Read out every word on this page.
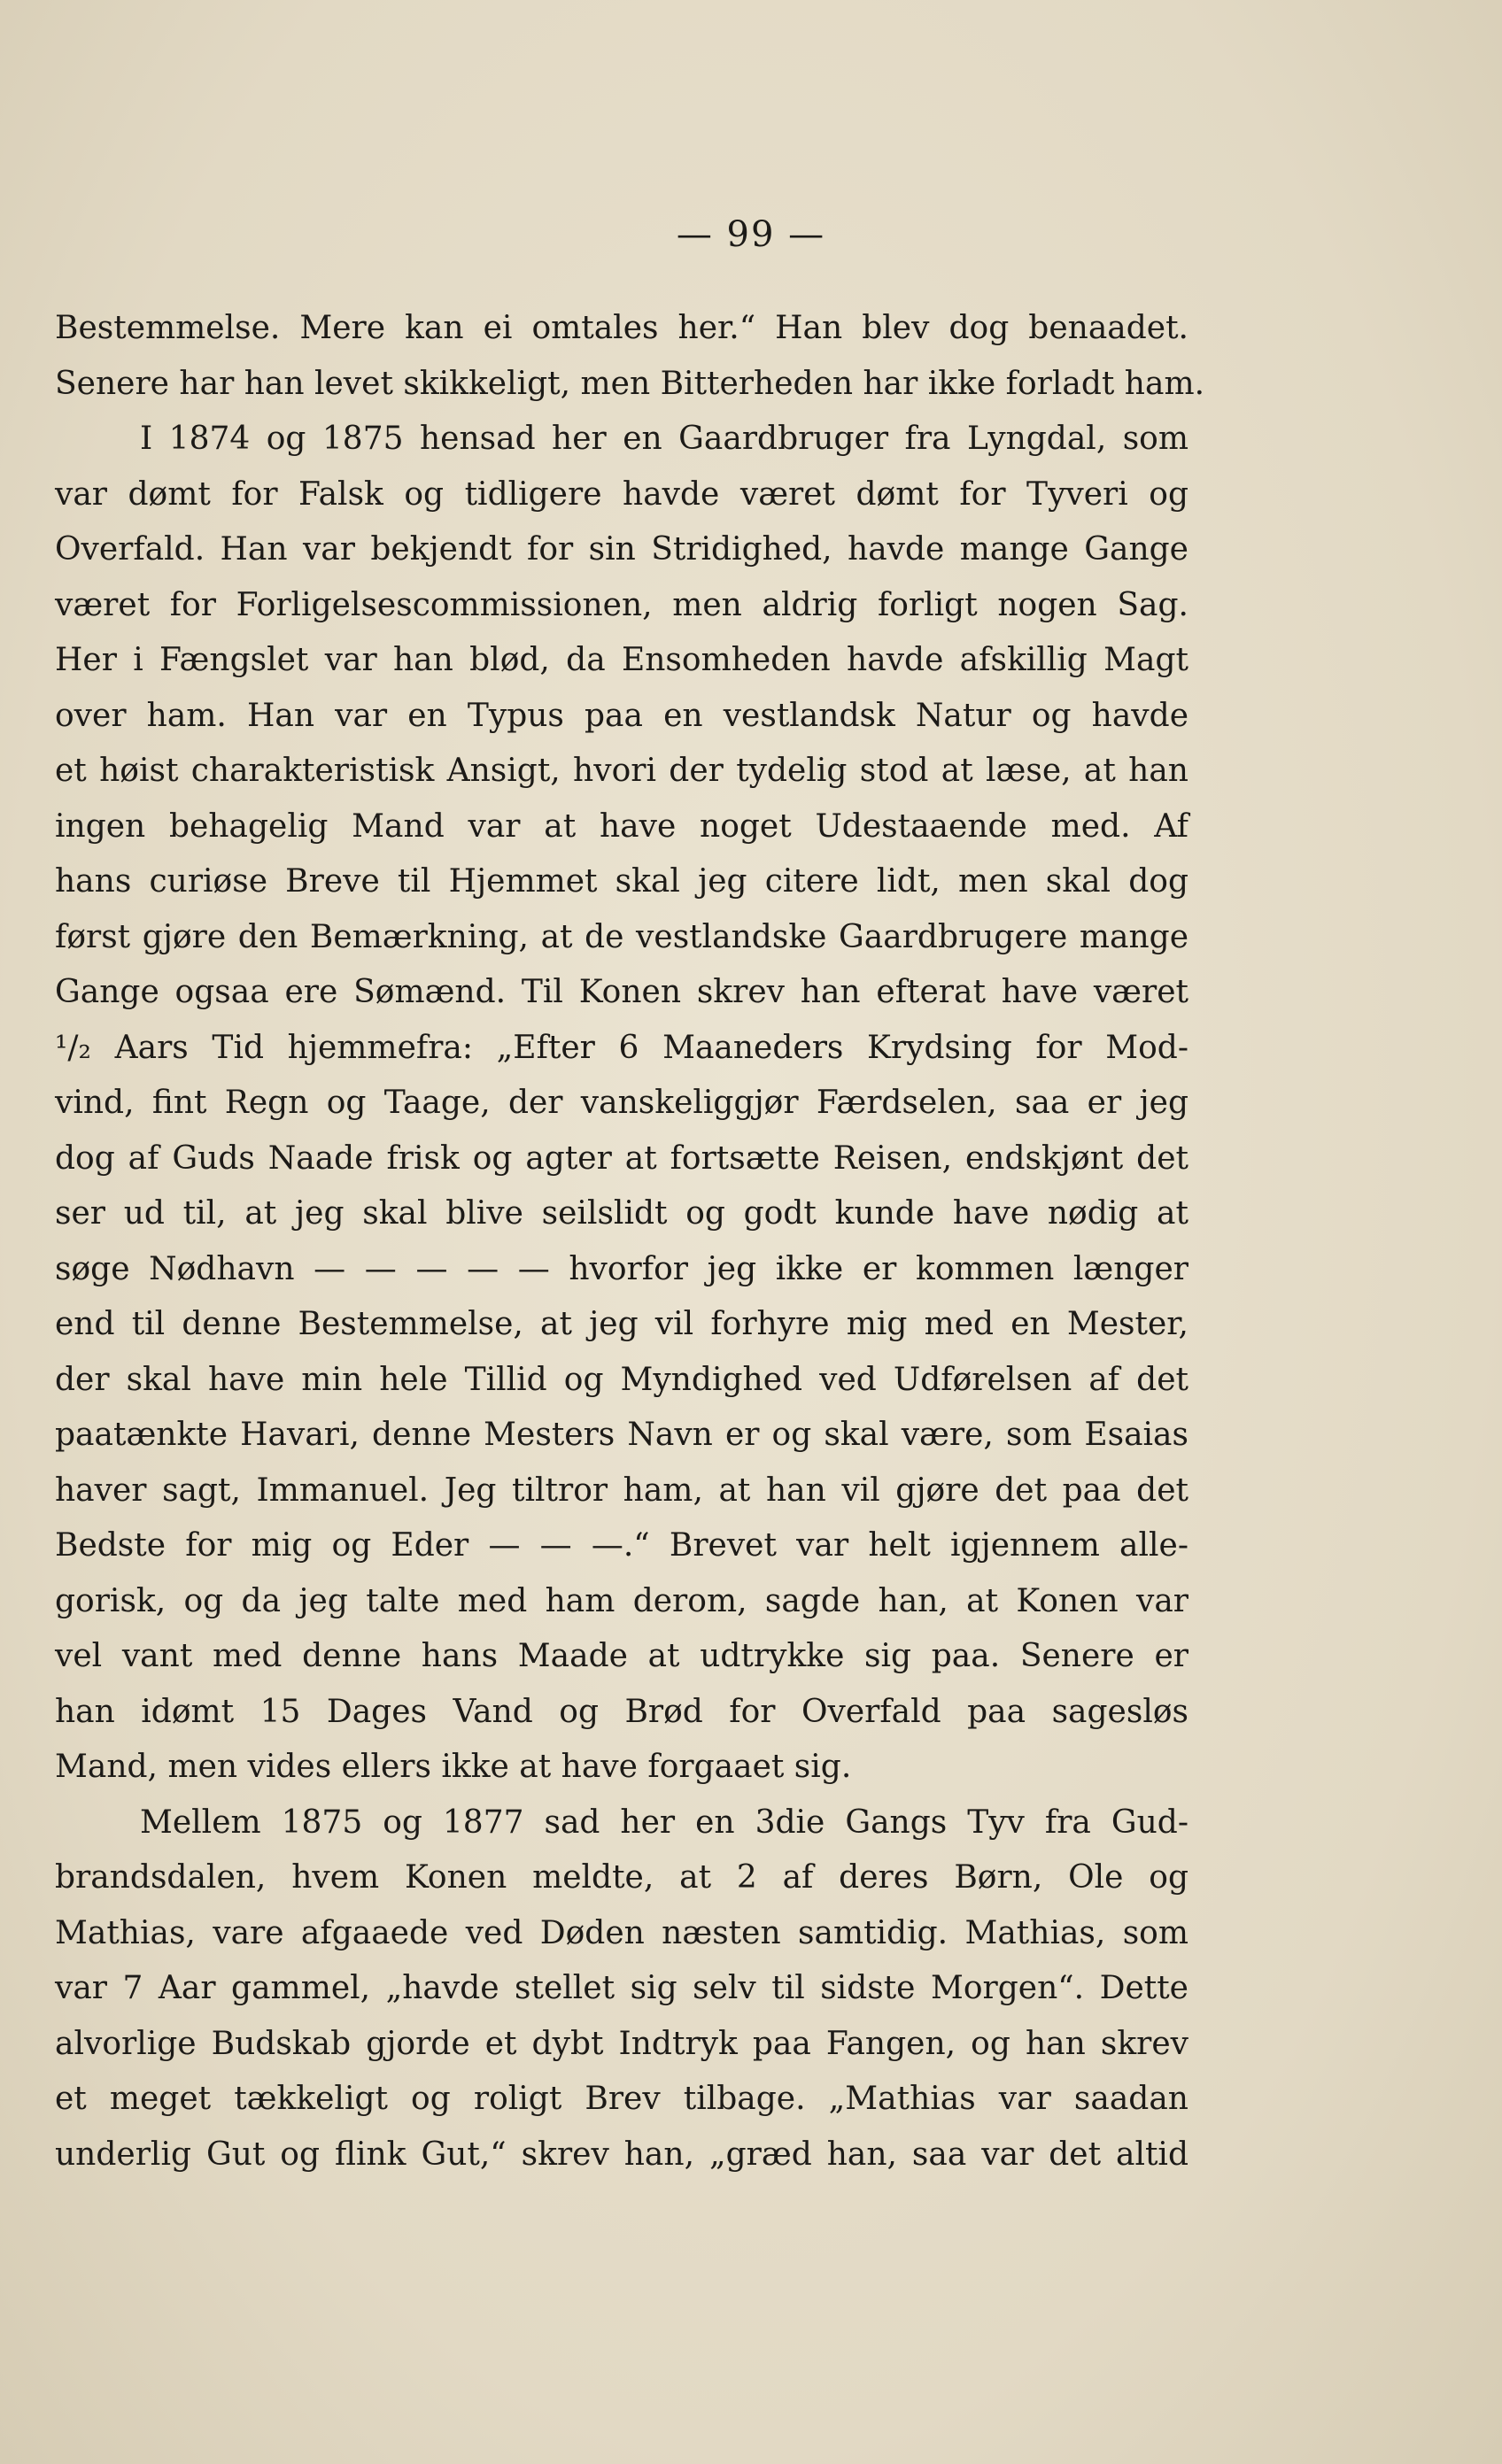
— 99 —
Bestemmelse. Mere kan ei omtales her.“ Han blev dog benaadet.
Senere har han levet skikkeligt, men Bitterheden har ikke forladt ham.
I 1874 og 1875 hensad her en Gaardbruger fra Lyngdal, som
var dømt for Falsk og tidligere havde været dømt for Tyveri og
Overfald. Han var bekjendt for sin Stridighed, havde mange Gange
været for Forligelsescommissionen, men aldrig forligt nogen Sag.
Her i Fængslet var han blød, da Ensomheden havde afskillig Magt
over ham. Han var en Typus paa en vestlandsk Natur og havde
et høist charakteristisk Ansigt, hvori der tydelig stod at læse, at han
ingen behagelig Mand var at have noget Udestaaende med. Af
hans curiøse Breve til Hjemmet skal jeg citere lidt, men skal dog
først gjøre den Bemærkning, at de vestlandske Gaardbrugere mange
Gange ogsaa ere Sømænd. Til Konen skrev han efterat have været
¹/₂ Aars Tid hjemmefra: „Efter 6 Maaneders Krydsing for Mod-
vind, fint Regn og Taage, der vanskeliggjør Færdselen, saa er jeg
dog af Guds Naade frisk og agter at fortsætte Reisen, endskjønt det
ser ud til, at jeg skal blive seilslidt og godt kunde have nødig at
søge Nødhavn — — — — — hvorfor jeg ikke er kommen længer
end til denne Bestemmelse, at jeg vil forhyre mig med en Mester,
der skal have min hele Tillid og Myndighed ved Udførelsen af det
paatænkte Havari, denne Mesters Navn er og skal være, som Esaias
haver sagt, Immanuel. Jeg tiltror ham, at han vil gjøre det paa det
Bedste for mig og Eder — — —.“ Brevet var helt igjennem alle-
gorisk, og da jeg talte med ham derom, sagde han, at Konen var
vel vant med denne hans Maade at udtrykke sig paa. Senere er
han idømt 15 Dages Vand og Brød for Overfald paa sagesløs
Mand, men vides ellers ikke at have forgaaet sig.
Mellem 1875 og 1877 sad her en 3die Gangs Tyv fra Gud-
brandsdalen, hvem Konen meldte, at 2 af deres Børn, Ole og
Mathias, vare afgaaede ved Døden næsten samtidig. Mathias, som
var 7 Aar gammel, „havde stellet sig selv til sidste Morgen“. Dette
alvorlige Budskab gjorde et dybt Indtryk paa Fangen, og han skrev
et meget tækkeligt og roligt Brev tilbage. „Mathias var saadan
underlig Gut og flink Gut,“ skrev han, „græd han, saa var det altid
